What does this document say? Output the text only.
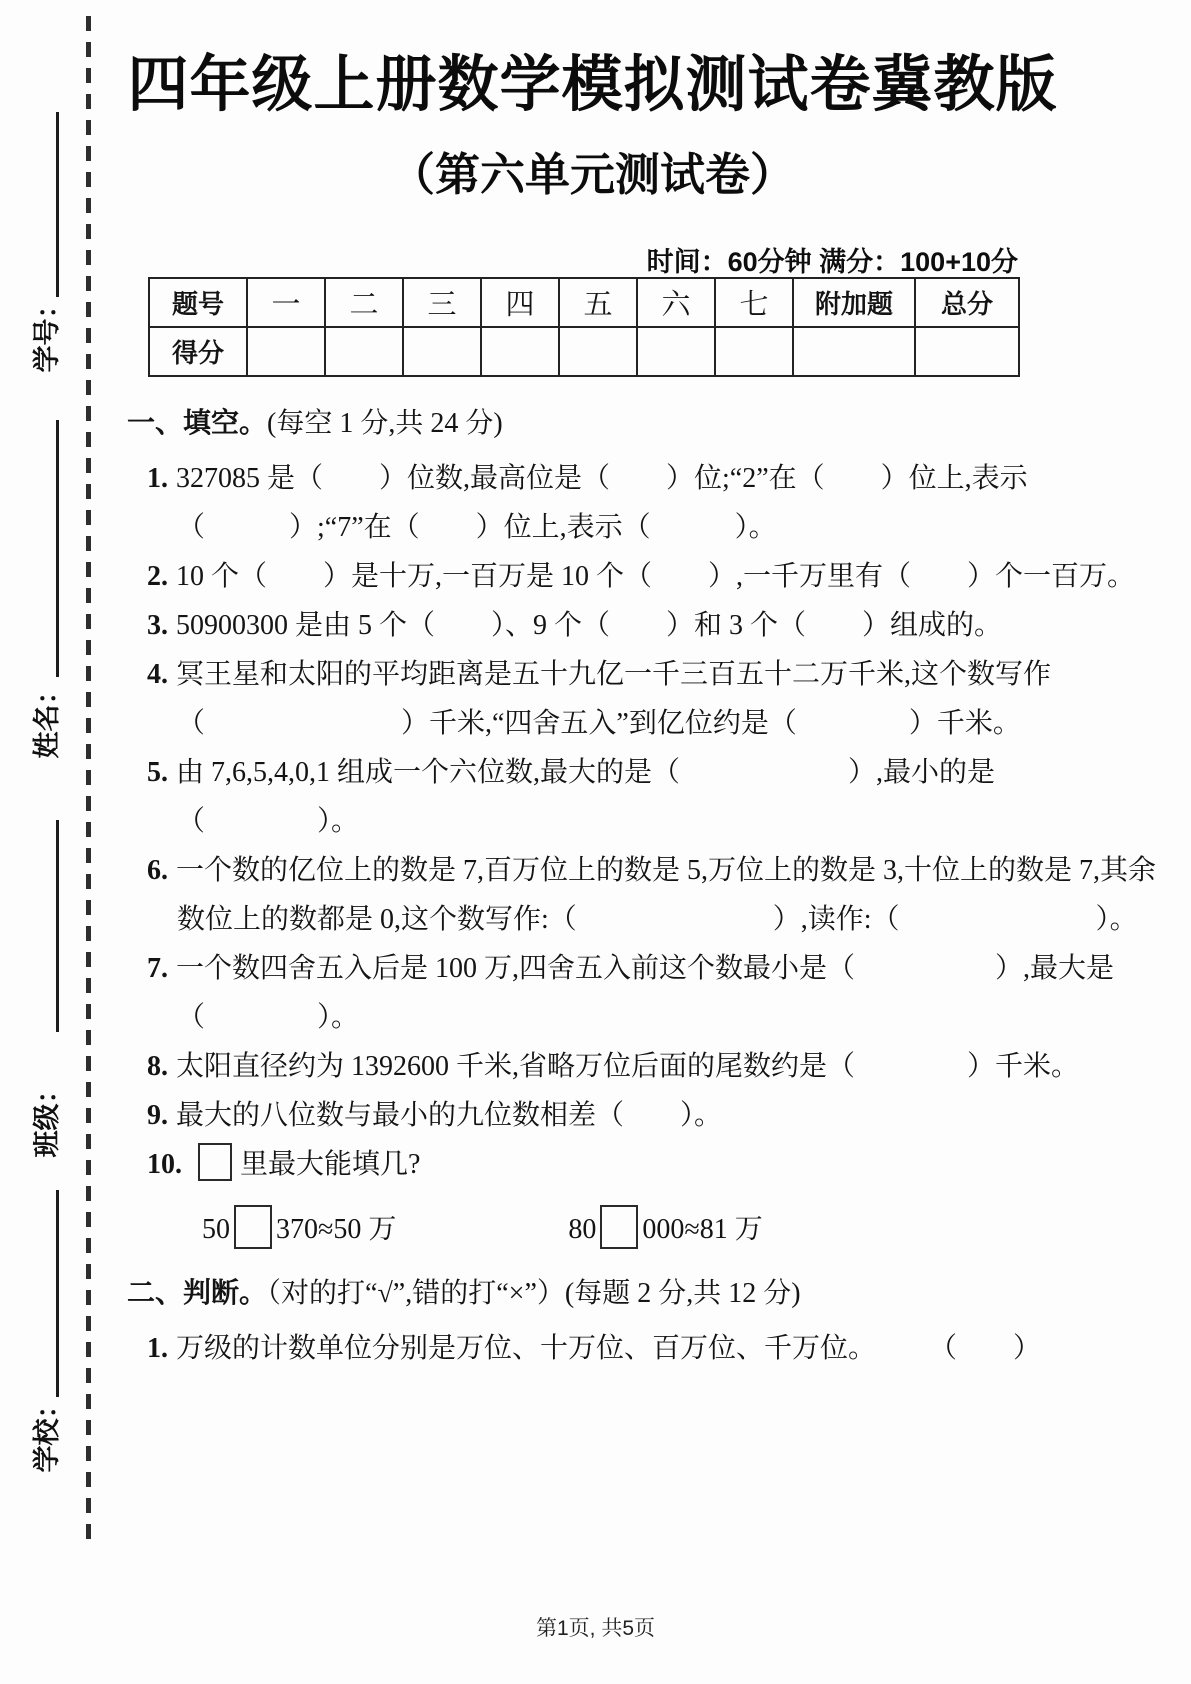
学号：
姓名：
班级：
学校：
四年级上册数学模拟测试卷冀教版
（第六单元测试卷）
时间：60分钟 满分：100+10分
题号	一	二	三	四	五	六	七	附加题	总分
得分									
一、填空。(每空 1 分,共 24 分)
1. 327085 是（　　）位数,最高位是（　　）位;“2”在（　　）位上,表示（　　　）;“7”在（　　）位上,表示（　　　）。
2. 10 个（　　）是十万,一百万是 10 个（　　）,一千万里有（　　）个一百万。
3. 50900300 是由 5 个（　　）、9 个（　　）和 3 个（　　）组成的。
4. 冥王星和太阳的平均距离是五十九亿一千三百五十二万千米,这个数写作（　　　　　　　）千米,“四舍五入”到亿位约是（　　　　）千米。
5. 由 7,6,5,4,0,1 组成一个六位数,最大的是（　　　　　　）,最小的是（　　　　）。
6. 一个数的亿位上的数是 7,百万位上的数是 5,万位上的数是 3,十位上的数是 7,其余数位上的数都是 0,这个数写作:（　　　　　　　）,读作:（　　　　　　　）。
7. 一个数四舍五入后是 100 万,四舍五入前这个数最小是（　　　　　）,最大是（　　　　）。
8. 太阳直径约为 1392600 千米,省略万位后面的尾数约是（　　　　）千米。
9. 最大的八位数与最小的九位数相差（　　）。
10. 里最大能填几?
50 370≈50 万	80 000≈81 万
二、判断。（对的打“√”,错的打“×”）(每题 2 分,共 12 分)
1. 万级的计数单位分别是万位、十万位、百万位、千万位。 （　　）
第1页, 共5页
